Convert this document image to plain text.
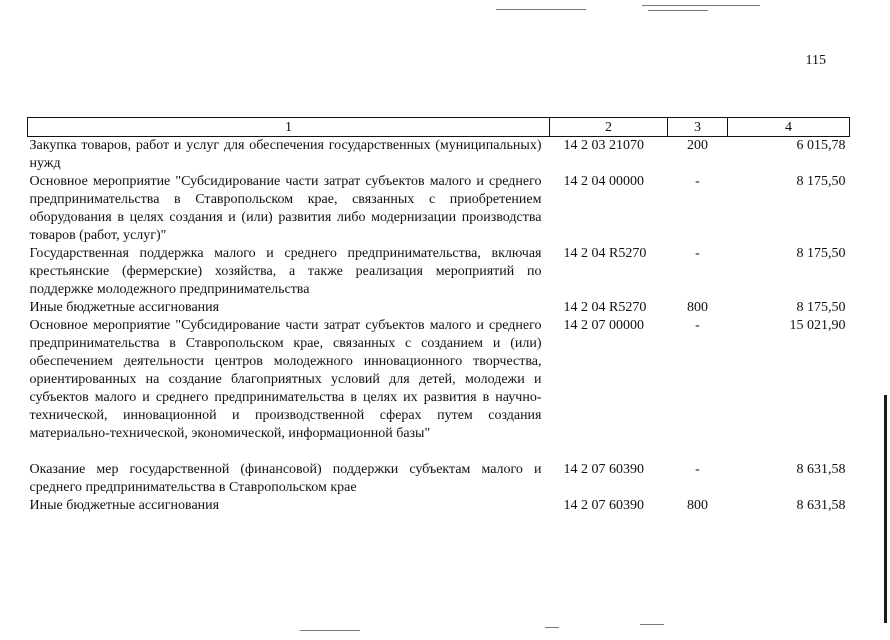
115
1	2	3	4
Закупка товаров, работ и услуг для обеспечения государственных (муниципальных) нужд	14 2 03 21070	200	6 015,78
Основное мероприятие "Субсидирование части затрат субъектов малого и среднего предпринимательства в Ставропольском крае, связанных с приобретением оборудования в целях создания и (или) развития либо модернизации производства товаров (работ, услуг)"	14 2 04 00000	-	8 175,50
Государственная поддержка малого и среднего предпринимательства, включая крестьянские (фермерские) хозяйства, а также реализация мероприятий по поддержке молодежного предпринимательства	14 2 04 R5270	-	8 175,50
Иные бюджетные ассигнования	14 2 04 R5270	800	8 175,50
Основное мероприятие "Субсидирование части затрат субъектов малого и среднего предпринимательства в Ставропольском крае, связанных с созданием и (или) обеспечением деятельности центров молодежного инновационного творчества, ориентированных на создание благоприятных условий для детей, молодежи и субъектов малого и среднего предпринимательства в целях их развития в научно-технической, инновационной и производственной сферах путем создания материально-технической, экономической, информационной базы"	14 2 07 00000	-	15 021,90
Оказание мер государственной (финансовой) поддержки субъектам малого и среднего предпринимательства в Ставропольском крае	14 2 07 60390	-	8 631,58
Иные бюджетные ассигнования	14 2 07 60390	800	8 631,58
